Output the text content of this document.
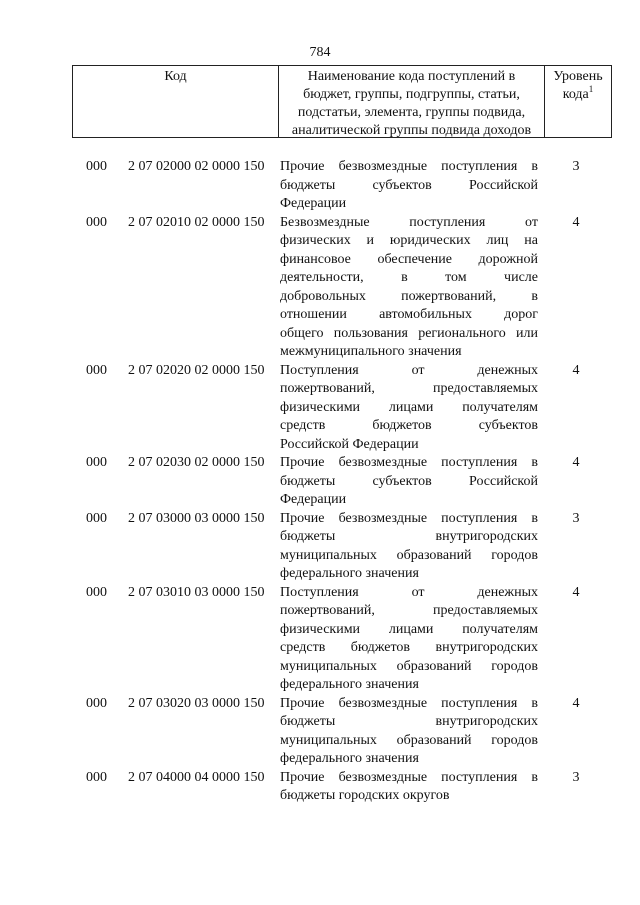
784
Код	Наименование кода поступлений в бюджет, группы, подгруппы, статьи, подстатьи, элемента, группы подвида, аналитической группы подвида доходов
Уровень кода$^1$
000	2 07 02000 02 0000 150	Прочие безвозмездные поступления в
бюджеты субъектов Российской
Федерации
3
000	2 07 02010 02 0000 150	Безвозмездные поступления от
физических и юридических лиц на
финансовое обеспечение дорожной
деятельности, в том числе
добровольных пожертвований, в
отношении автомобильных дорог
общего пользования регионального или
межмуниципального значения
4
000	2 07 02020 02 0000 150	Поступления от денежных
пожертвований, предоставляемых
физическими лицами получателям
средств бюджетов субъектов
Российской Федерации
4
000	2 07 02030 02 0000 150	Прочие безвозмездные поступления в
бюджеты субъектов Российской
Федерации
4
000	2 07 03000 03 0000 150	Прочие безвозмездные поступления в
бюджеты внутригородских
муниципальных образований городов
федерального значения
3
000	2 07 03010 03 0000 150	Поступления от денежных
пожертвований, предоставляемых
физическими лицами получателям
средств бюджетов внутригородских
муниципальных образований городов
федерального значения
4
000	2 07 03020 03 0000 150	Прочие безвозмездные поступления в
бюджеты внутригородских
муниципальных образований городов
федерального значения
4
000	2 07 04000 04 0000 150	Прочие безвозмездные поступления в
бюджеты городских округов
3
